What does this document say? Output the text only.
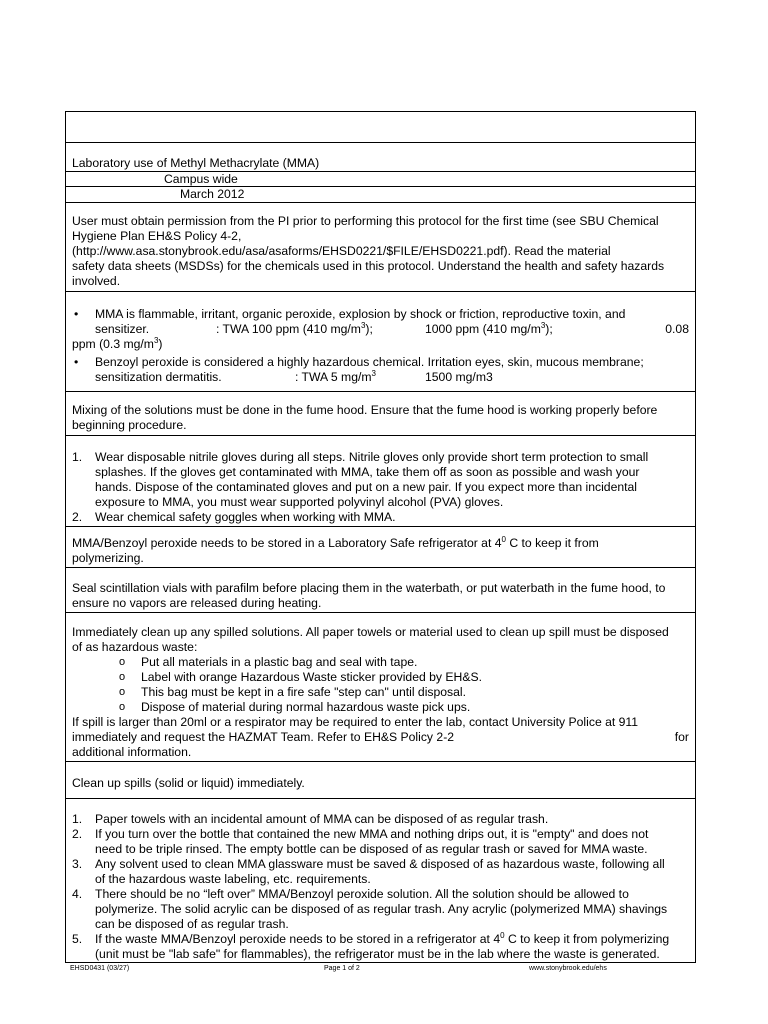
Laboratory use of Methyl Methacrylate (MMA)
Campus wide
March 2012

User must obtain permission from the PI prior to performing this protocol for the first time (see SBU Chemical

Hygiene Plan EH&S Policy 4-2,

(http://www.asa.stonybrook.edu/asa/asaforms/EHSD0221/$FILE/EHSD0221.pdf). Read the material

safety data sheets (MSDSs) for the chemicals used in this protocol. Understand the health and safety hazards

involved.

• MMA is flammable, irritant, organic peroxide, explosion by shock or friction, reproductive toxin, and
sensitizer.	: TWA 100 ppm (410 $mg/m^3$);	1000 ppm (410 $mg/m^3$);	0.08
ppm (0.3 $mg/m^3$)
• Benzoyl peroxide is considered a highly hazardous chemical. Irritation eyes, skin, mucous membrane;
sensitization dermatitis.	: TWA 5 $mg/m^3$	1500 mg/m3

Mixing of the solutions must be done in the fume hood. Ensure that the fume hood is working properly before

beginning procedure.

1. Wear disposable nitrile gloves during all steps. Nitrile gloves only provide short term protection to small
splashes. If the gloves get contaminated with MMA, take them off as soon as possible and wash your
hands. Dispose of the contaminated gloves and put on a new pair. If you expect more than incidental
exposure to MMA, you must wear supported polyvinyl alcohol (PVA) gloves.
2. Wear chemical safety goggles when working with MMA.

MMA/Benzoyl peroxide needs to be stored in a Laboratory Safe refrigerator at $4^0$ C to keep it from

polymerizing.

Seal scintillation vials with parafilm before placing them in the waterbath, or put waterbath in the fume hood, to

ensure no vapors are released during heating.

Immediately clean up any spilled solutions. All paper towels or material used to clean up spill must be disposed

of as hazardous waste:

o Put all materials in a plastic bag and seal with tape.
o Label with orange Hazardous Waste sticker provided by EH&S.
o This bag must be kept in a fire safe "step can" until disposal.
o Dispose of material during normal hazardous waste pick ups.

If spill is larger than 20ml or a respirator may be required to enter the lab, contact University Police at 911

immediately and request the HAZMAT Team. Refer to EH&S Policy 2-2	for

additional information.

Clean up spills (solid or liquid) immediately.

1. Paper towels with an incidental amount of MMA can be disposed of as regular trash.
2. If you turn over the bottle that contained the new MMA and nothing drips out, it is "empty" and does not
need to be triple rinsed. The empty bottle can be disposed of as regular trash or saved for MMA waste.
3. Any solvent used to clean MMA glassware must be saved & disposed of as hazardous waste, following all
of the hazardous waste labeling, etc. requirements.
4. There should be no “left over” MMA/Benzoyl peroxide solution. All the solution should be allowed to
polymerize. The solid acrylic can be disposed of as regular trash. Any acrylic (polymerized MMA) shavings
can be disposed of as regular trash.
5. If the waste MMA/Benzoyl peroxide needs to be stored in a refrigerator at $4^0$ C to keep it from polymerizing
(unit must be "lab safe" for flammables), the refrigerator must be in the lab where the waste is generated.
EHSD0431 (03/27)	Page 1 of 2	www.stonybrook.edu/ehs
